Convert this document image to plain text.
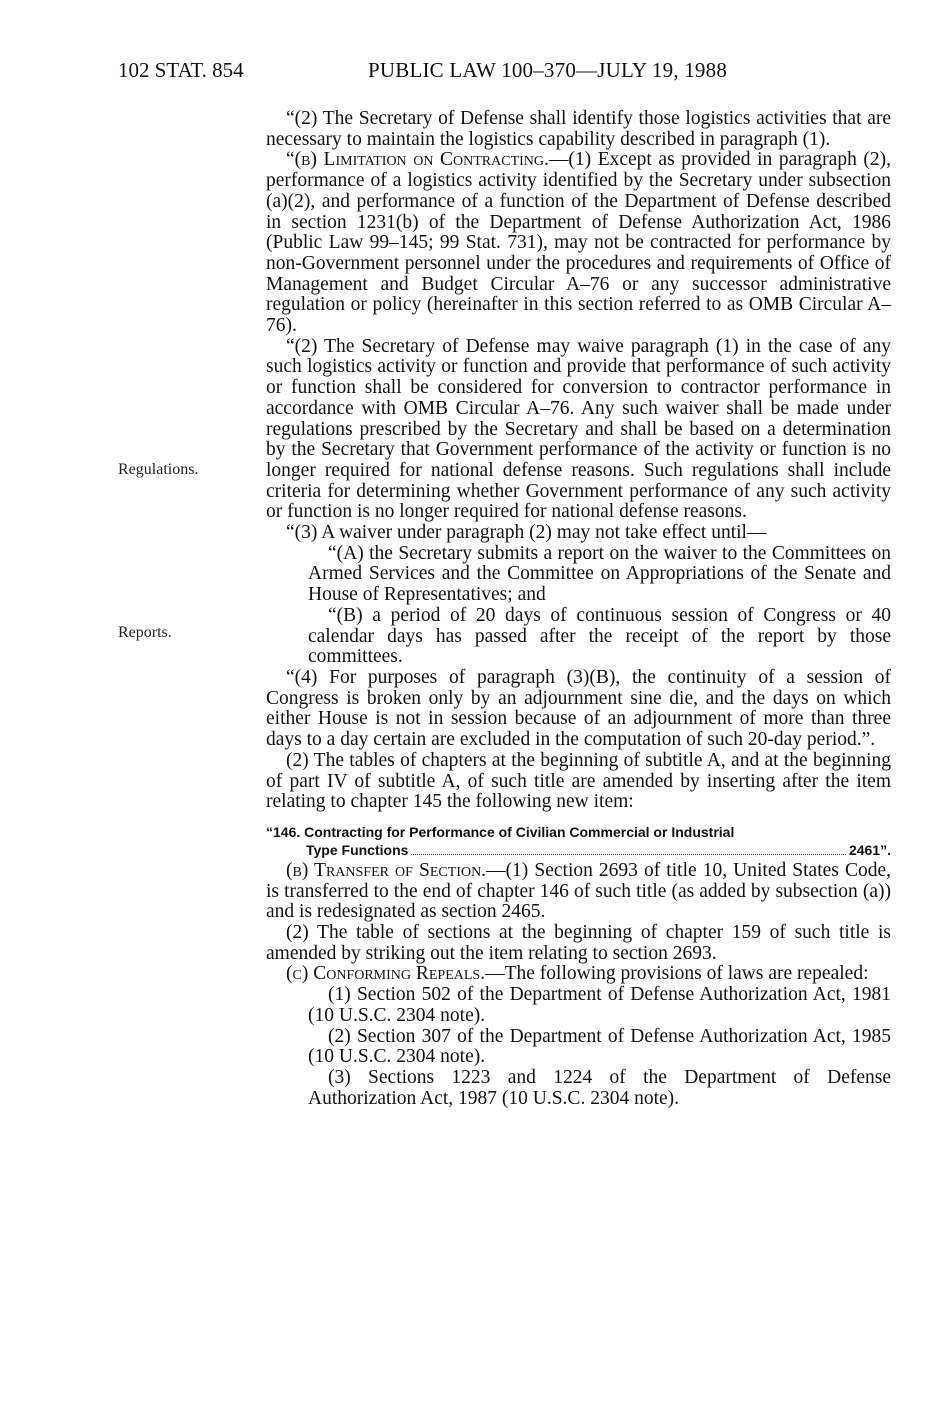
102 STAT. 854	PUBLIC LAW 100–370—JULY 19, 1988
Regulations.
Reports.

“(2) The Secretary of Defense shall identify those logistics activities that are necessary to maintain the logistics capability described in paragraph (1).

“(b) Limitation on Contracting.—(1) Except as provided in paragraph (2), performance of a logistics activity identified by the Secretary under subsection (a)(2), and performance of a function of the Department of Defense described in section 1231(b) of the Department of Defense Authorization Act, 1986 (Public Law 99–145; 99 Stat. 731), may not be contracted for performance by non-Government personnel under the procedures and requirements of Office of Management and Budget Circular A–76 or any successor administrative regulation or policy (hereinafter in this section referred to as OMB Circular A–76).

“(2) The Secretary of Defense may waive paragraph (1) in the case of any such logistics activity or function and provide that performance of such activity or function shall be considered for conversion to contractor performance in accordance with OMB Circular A–76. Any such waiver shall be made under regulations prescribed by the Secretary and shall be based on a determination by the Secretary that Government performance of the activity or function is no longer required for national defense reasons. Such regulations shall include criteria for determining whether Government performance of any such activity or function is no longer required for national defense reasons.

“(3) A waiver under paragraph (2) may not take effect until—

“(A) the Secretary submits a report on the waiver to the Committees on Armed Services and the Committee on Appropriations of the Senate and House of Representatives; and

“(B) a period of 20 days of continuous session of Congress or 40 calendar days has passed after the receipt of the report by those committees.

“(4) For purposes of paragraph (3)(B), the continuity of a session of Congress is broken only by an adjournment sine die, and the days on which either House is not in session because of an adjournment of more than three days to a day certain are excluded in the computation of such 20-day period.”.

(2) The tables of chapters at the beginning of subtitle A, and at the beginning of part IV of subtitle A, of such title are amended by inserting after the item relating to chapter 145 the following new item:

“146. Contracting for Performance of Civilian Commercial or Industrial
Type Functions	2461”.

(b) Transfer of Section.—(1) Section 2693 of title 10, United States Code, is transferred to the end of chapter 146 of such title (as added by subsection (a)) and is redesignated as section 2465.

(2) The table of sections at the beginning of chapter 159 of such title is amended by striking out the item relating to section 2693.

(c) Conforming Repeals.—The following provisions of laws are repealed:

(1) Section 502 of the Department of Defense Authorization Act, 1981 (10 U.S.C. 2304 note).

(2) Section 307 of the Department of Defense Authorization Act, 1985 (10 U.S.C. 2304 note).

(3) Sections 1223 and 1224 of the Department of Defense Authorization Act, 1987 (10 U.S.C. 2304 note).
